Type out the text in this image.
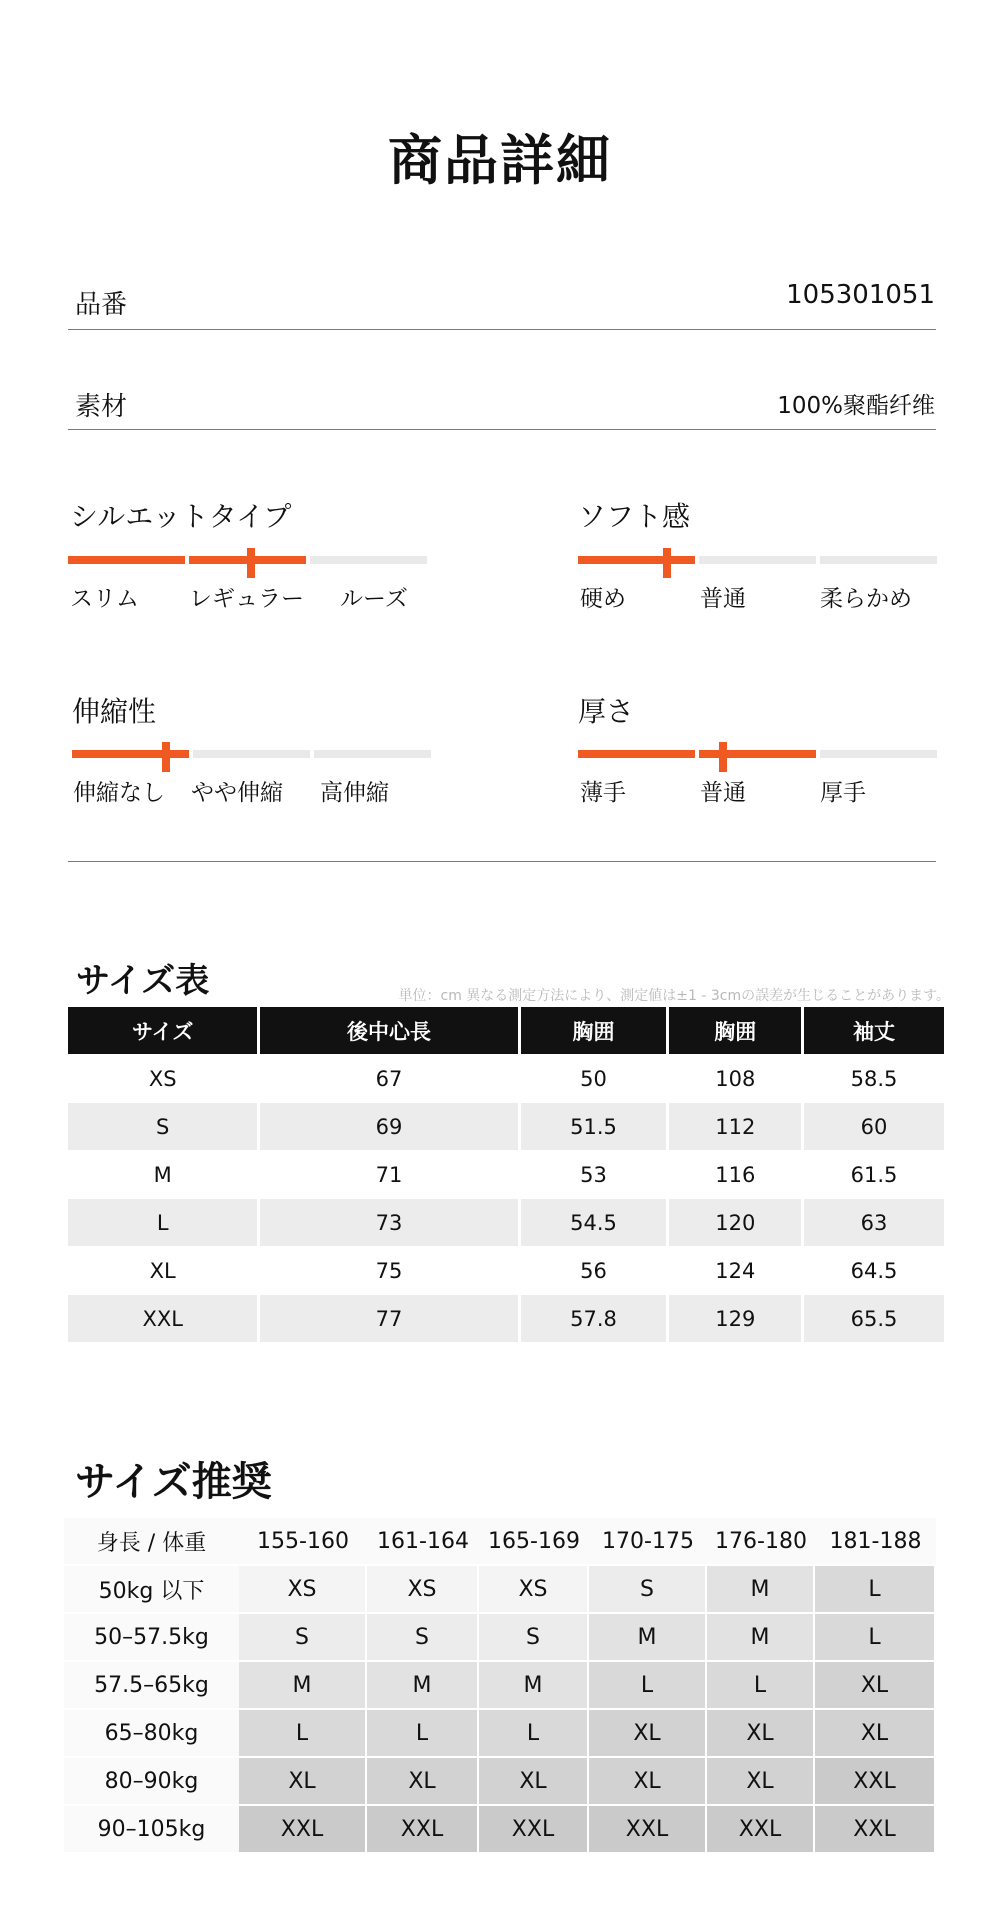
商品詳細
品番	105301051
素材	100%聚酯纤维
シルエットタイプ
スリム レギュラー ルーズ
ソフト感
硬め	普通	柔らかめ
伸縮性
伸縮なし やや伸縮 高伸縮
厚さ
薄手	普通	厚手
サイズ表	単位：cm 異なる測定方法により、測定値は±1 - 3cmの誤差が生じることがあります。
サイズ	後中心長	胸囲	胸囲	袖丈
XS	67	50	108	58.5
S	69	51.5	112	60
M	71	53	116	61.5
L	73	54.5	120	63
XL	75	56	124	64.5
XXL	77	57.8	129	65.5
サイズ推奨
身長 / 体重	155-160	161-164	165-169	170-175	176-180	181-188
50kg 以下	XS	XS	XS	S	M	L
50–57.5kg	S	S	S	M	M	L
57.5–65kg	M	M	M	L	L	XL
65–80kg	L	L	L	XL	XL	XL
80–90kg	XL	XL	XL	XL	XL	XXL
90–105kg	XXL	XXL	XXL	XXL	XXL	XXL
